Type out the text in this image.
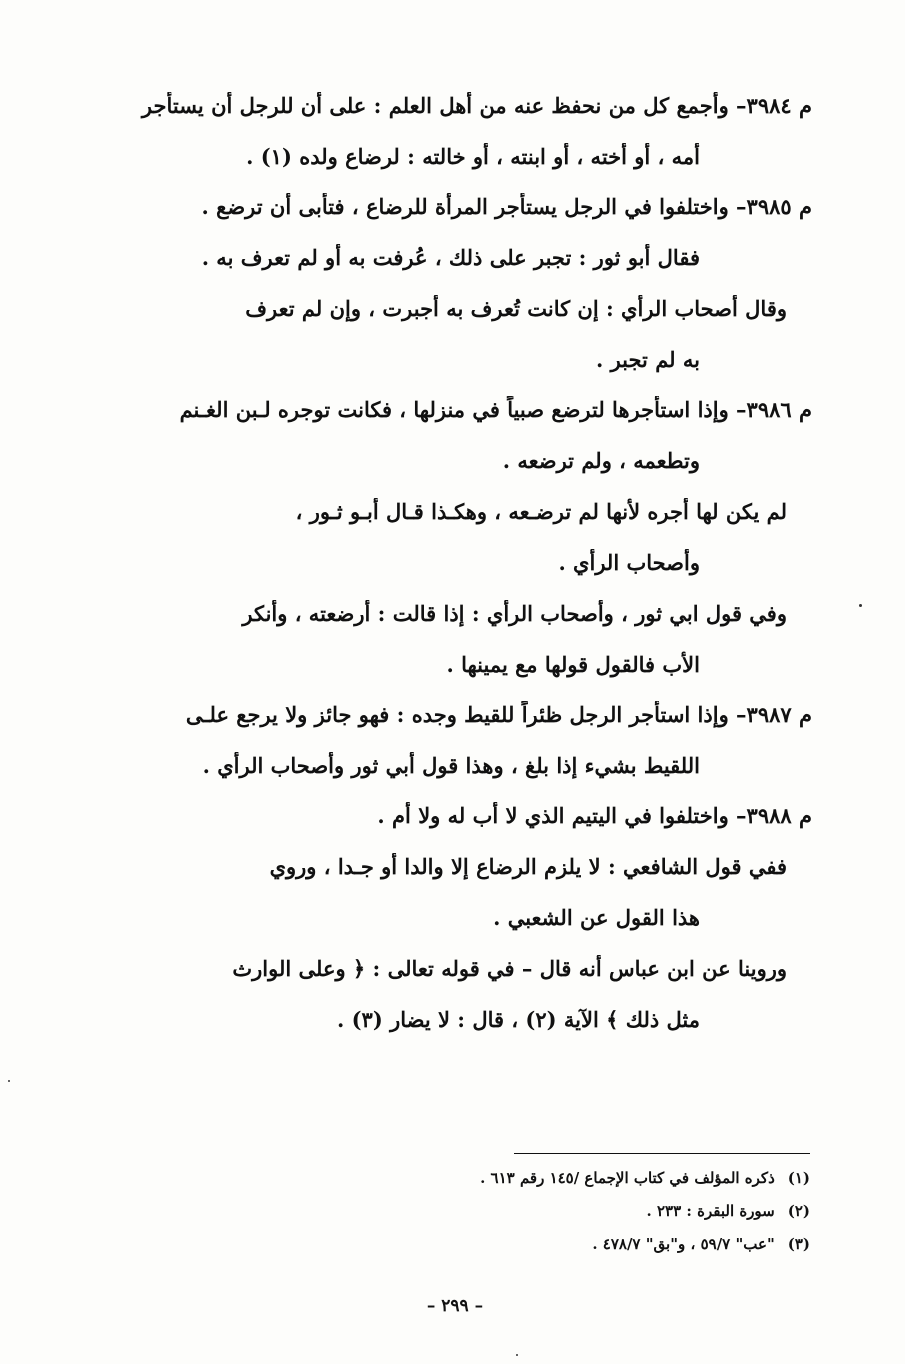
م ٣٩٨٤– وأجمع كل من نحفظ عنه من أهل العلم : على أن للرجل أن يستأجر
أمه ، أو أخته ، أو ابنته ، أو خالته : لرضاع ولده (١) .
م ٣٩٨٥– واختلفوا في الرجل يستأجر المرأة للرضاع ، فتأبى أن ترضع .
فقال أبو ثور : تجبر على ذلك ، عُرفت به أو لم تعرف به .
وقال أصحاب الرأي : إن كانت تُعرف به أجبرت ، وإن لم تعرف
به لم تجبر .
م ٣٩٨٦– وإذا استأجرها لترضع صبياً في منزلها ، فكانت توجره لـبن الغـنم
وتطعمه ، ولم ترضعه .
لم يكن لها أجره لأنها لم ترضـعه ، وهكـذا قـال أبـو ثـور ،
وأصحاب الرأي .
وفي قول ابي ثور ، وأصحاب الرأي : إذا قالت : أرضعته ، وأنكر
الأب فالقول قولها مع يمينها .
م ٣٩٨٧– وإذا استأجر الرجل ظئراً للقيط وجده : فهو جائز ولا يرجع علـى
اللقيط بشيء إذا بلغ ، وهذا قول أبي ثور وأصحاب الرأي .
م ٣٩٨٨– واختلفوا في اليتيم الذي لا أب له ولا أم .
ففي قول الشافعي : لا يلزم الرضاع إلا والدا أو جـدا ، وروي
هذا القول عن الشعبي .
وروينا عن ابن عباس أنه قال – في قوله تعالى : ﴿ وعلى الوارث
مثل ذلك ﴾ الآية (٢) ، قال : لا يضار (٣) .
(١) ذكره المؤلف في كتاب الإجماع /١٤٥ رقم ٦١٣ .
(٢) سورة البقرة : ٢٣٣ .
(٣) "عب" ٥٩/٧ ، و"بق" ٤٧٨/٧ .
– ٢٩٩ –
